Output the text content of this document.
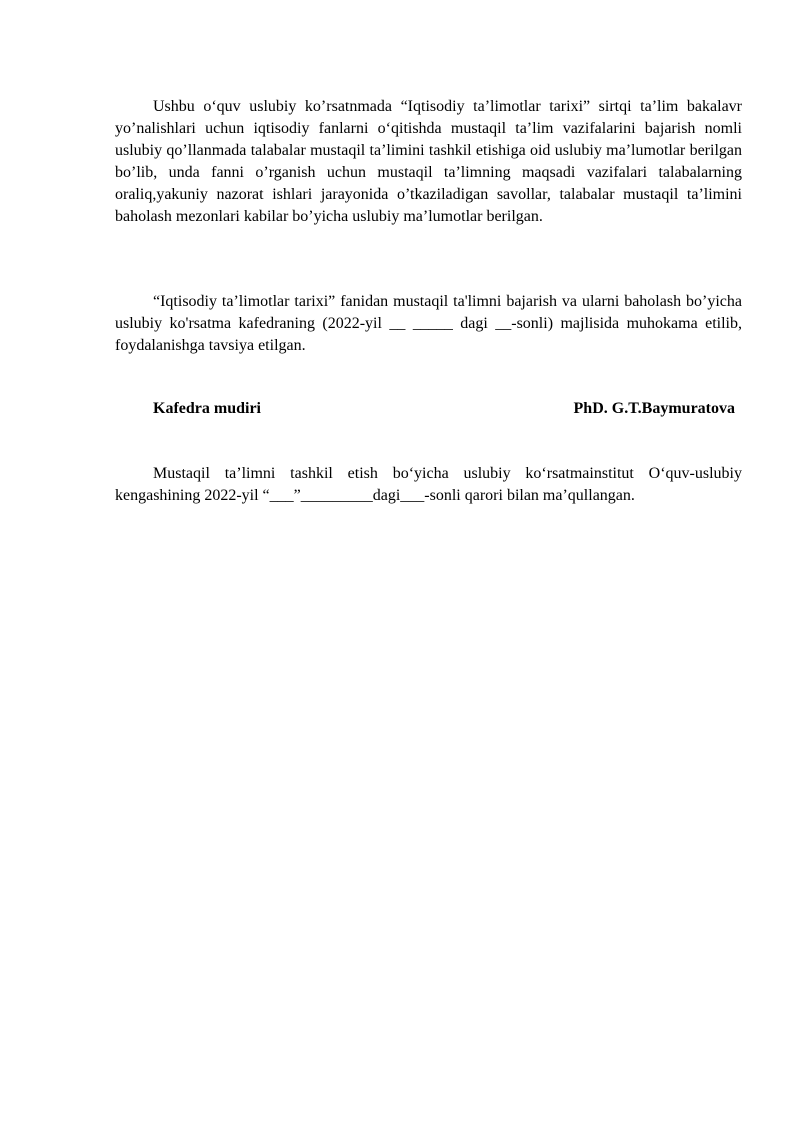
Ushbu o‘quv uslubiy ko’rsatnmada “Iqtisodiy ta’limotlar tarixi” sirtqi ta’lim bakalavr yo’nalishlari uchun iqtisodiy fanlarni o‘qitishda mustaqil ta’lim vazifalarini bajarish nomli uslubiy qo’llanmada talabalar mustaqil ta’limini tashkil etishiga oid uslubiy ma’lumotlar berilgan bo’lib, unda fanni o’rganish uchun mustaqil ta’limning maqsadi vazifalari talabalarning oraliq,yakuniy nazorat ishlari jarayonida o’tkaziladigan savollar, talabalar mustaqil ta’limini baholash mezonlari kabilar bo’yicha uslubiy ma’lumotlar berilgan.

“Iqtisodiy ta’limotlar tarixi” fanidan mustaqil ta'limni bajarish va ularni baholash bo’yicha uslubiy ko'rsatma kafedraning (2022-yil __ _____ dagi __-sonli) majlisida muhokama etilib, foydalanishga tavsiya etilgan.

Kafedra mudiri	PhD. G.T.Baymuratova

Mustaqil ta’limni tashkil etish bo‘yicha uslubiy ko‘rsatmainstitut O‘quv-uslubiy kengashining 2022-yil “___”_________dagi___-sonli qarori bilan ma’qullangan.
